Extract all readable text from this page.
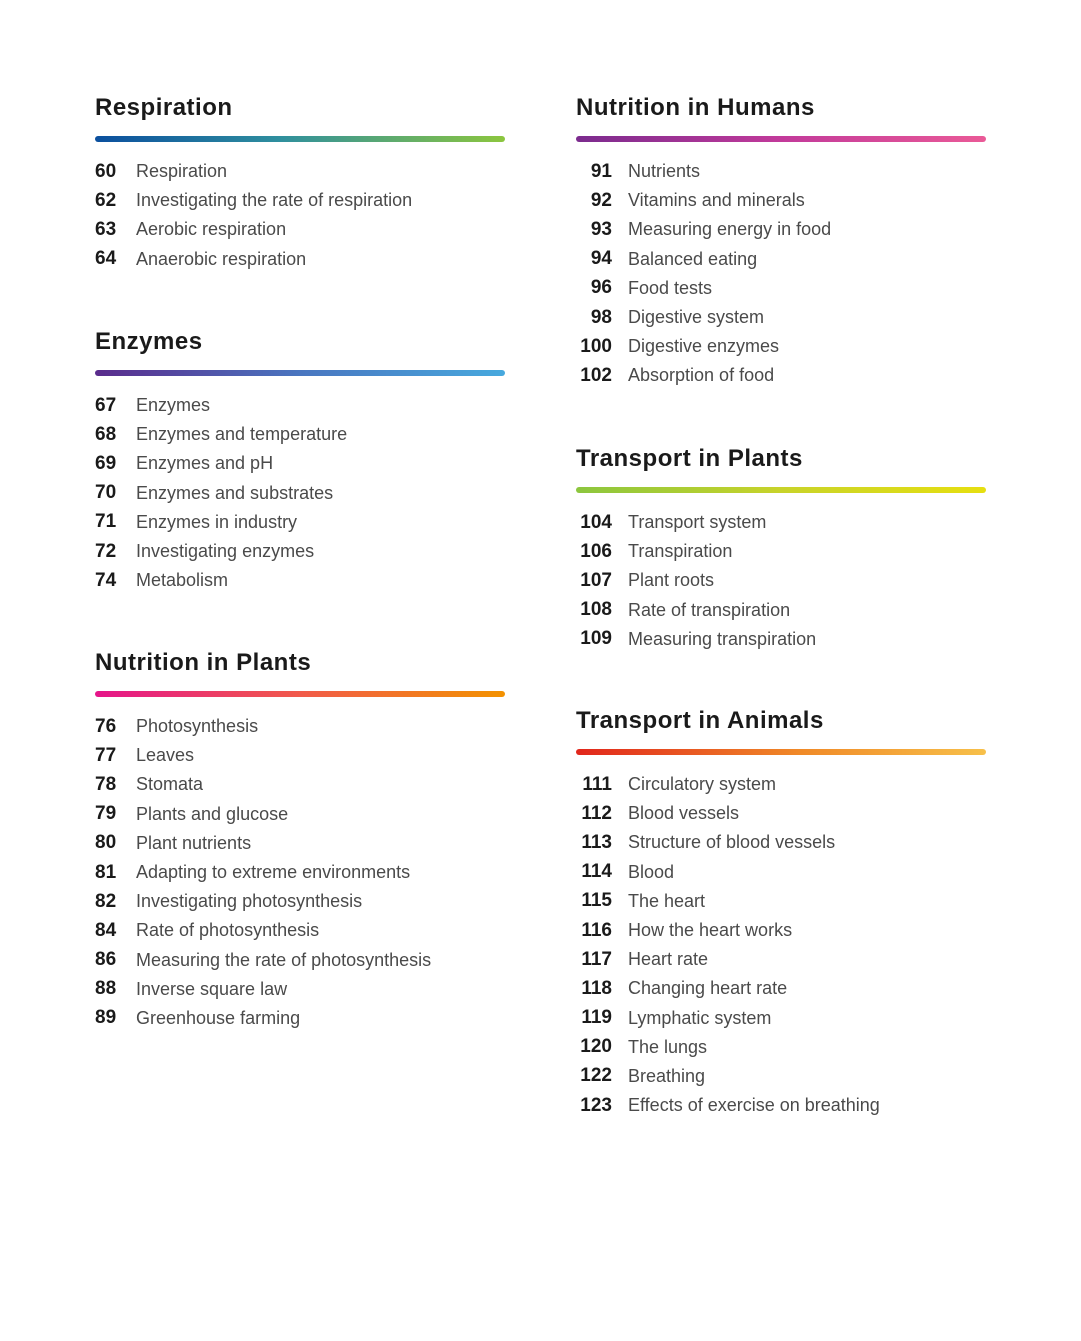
Respiration
60	Respiration
62	Investigating the rate of respiration
63	Aerobic respiration
64	Anaerobic respiration
Enzymes
67	Enzymes
68	Enzymes and temperature
69	Enzymes and pH
70	Enzymes and substrates
71	Enzymes in industry
72	Investigating enzymes
74	Metabolism
Nutrition in Plants
76	Photosynthesis
77	Leaves
78	Stomata
79	Plants and glucose
80	Plant nutrients
81	Adapting to extreme environments
82	Investigating photosynthesis
84	Rate of photosynthesis
86	Measuring the rate of photosynthesis
88	Inverse square law
89	Greenhouse farming
Nutrition in Humans
91 Nutrients
92 Vitamins and minerals
93 Measuring energy in food
94 Balanced eating
96 Food tests
98 Digestive system
100 Digestive enzymes
102 Absorption of food
Transport in Plants
104 Transport system
106 Transpiration
107 Plant roots
108 Rate of transpiration
109 Measuring transpiration
Transport in Animals
111 Circulatory system
112 Blood vessels
113 Structure of blood vessels
114 Blood
115 The heart
116 How the heart works
117 Heart rate
118 Changing heart rate
119 Lymphatic system
120 The lungs
122 Breathing
123 Effects of exercise on breathing
